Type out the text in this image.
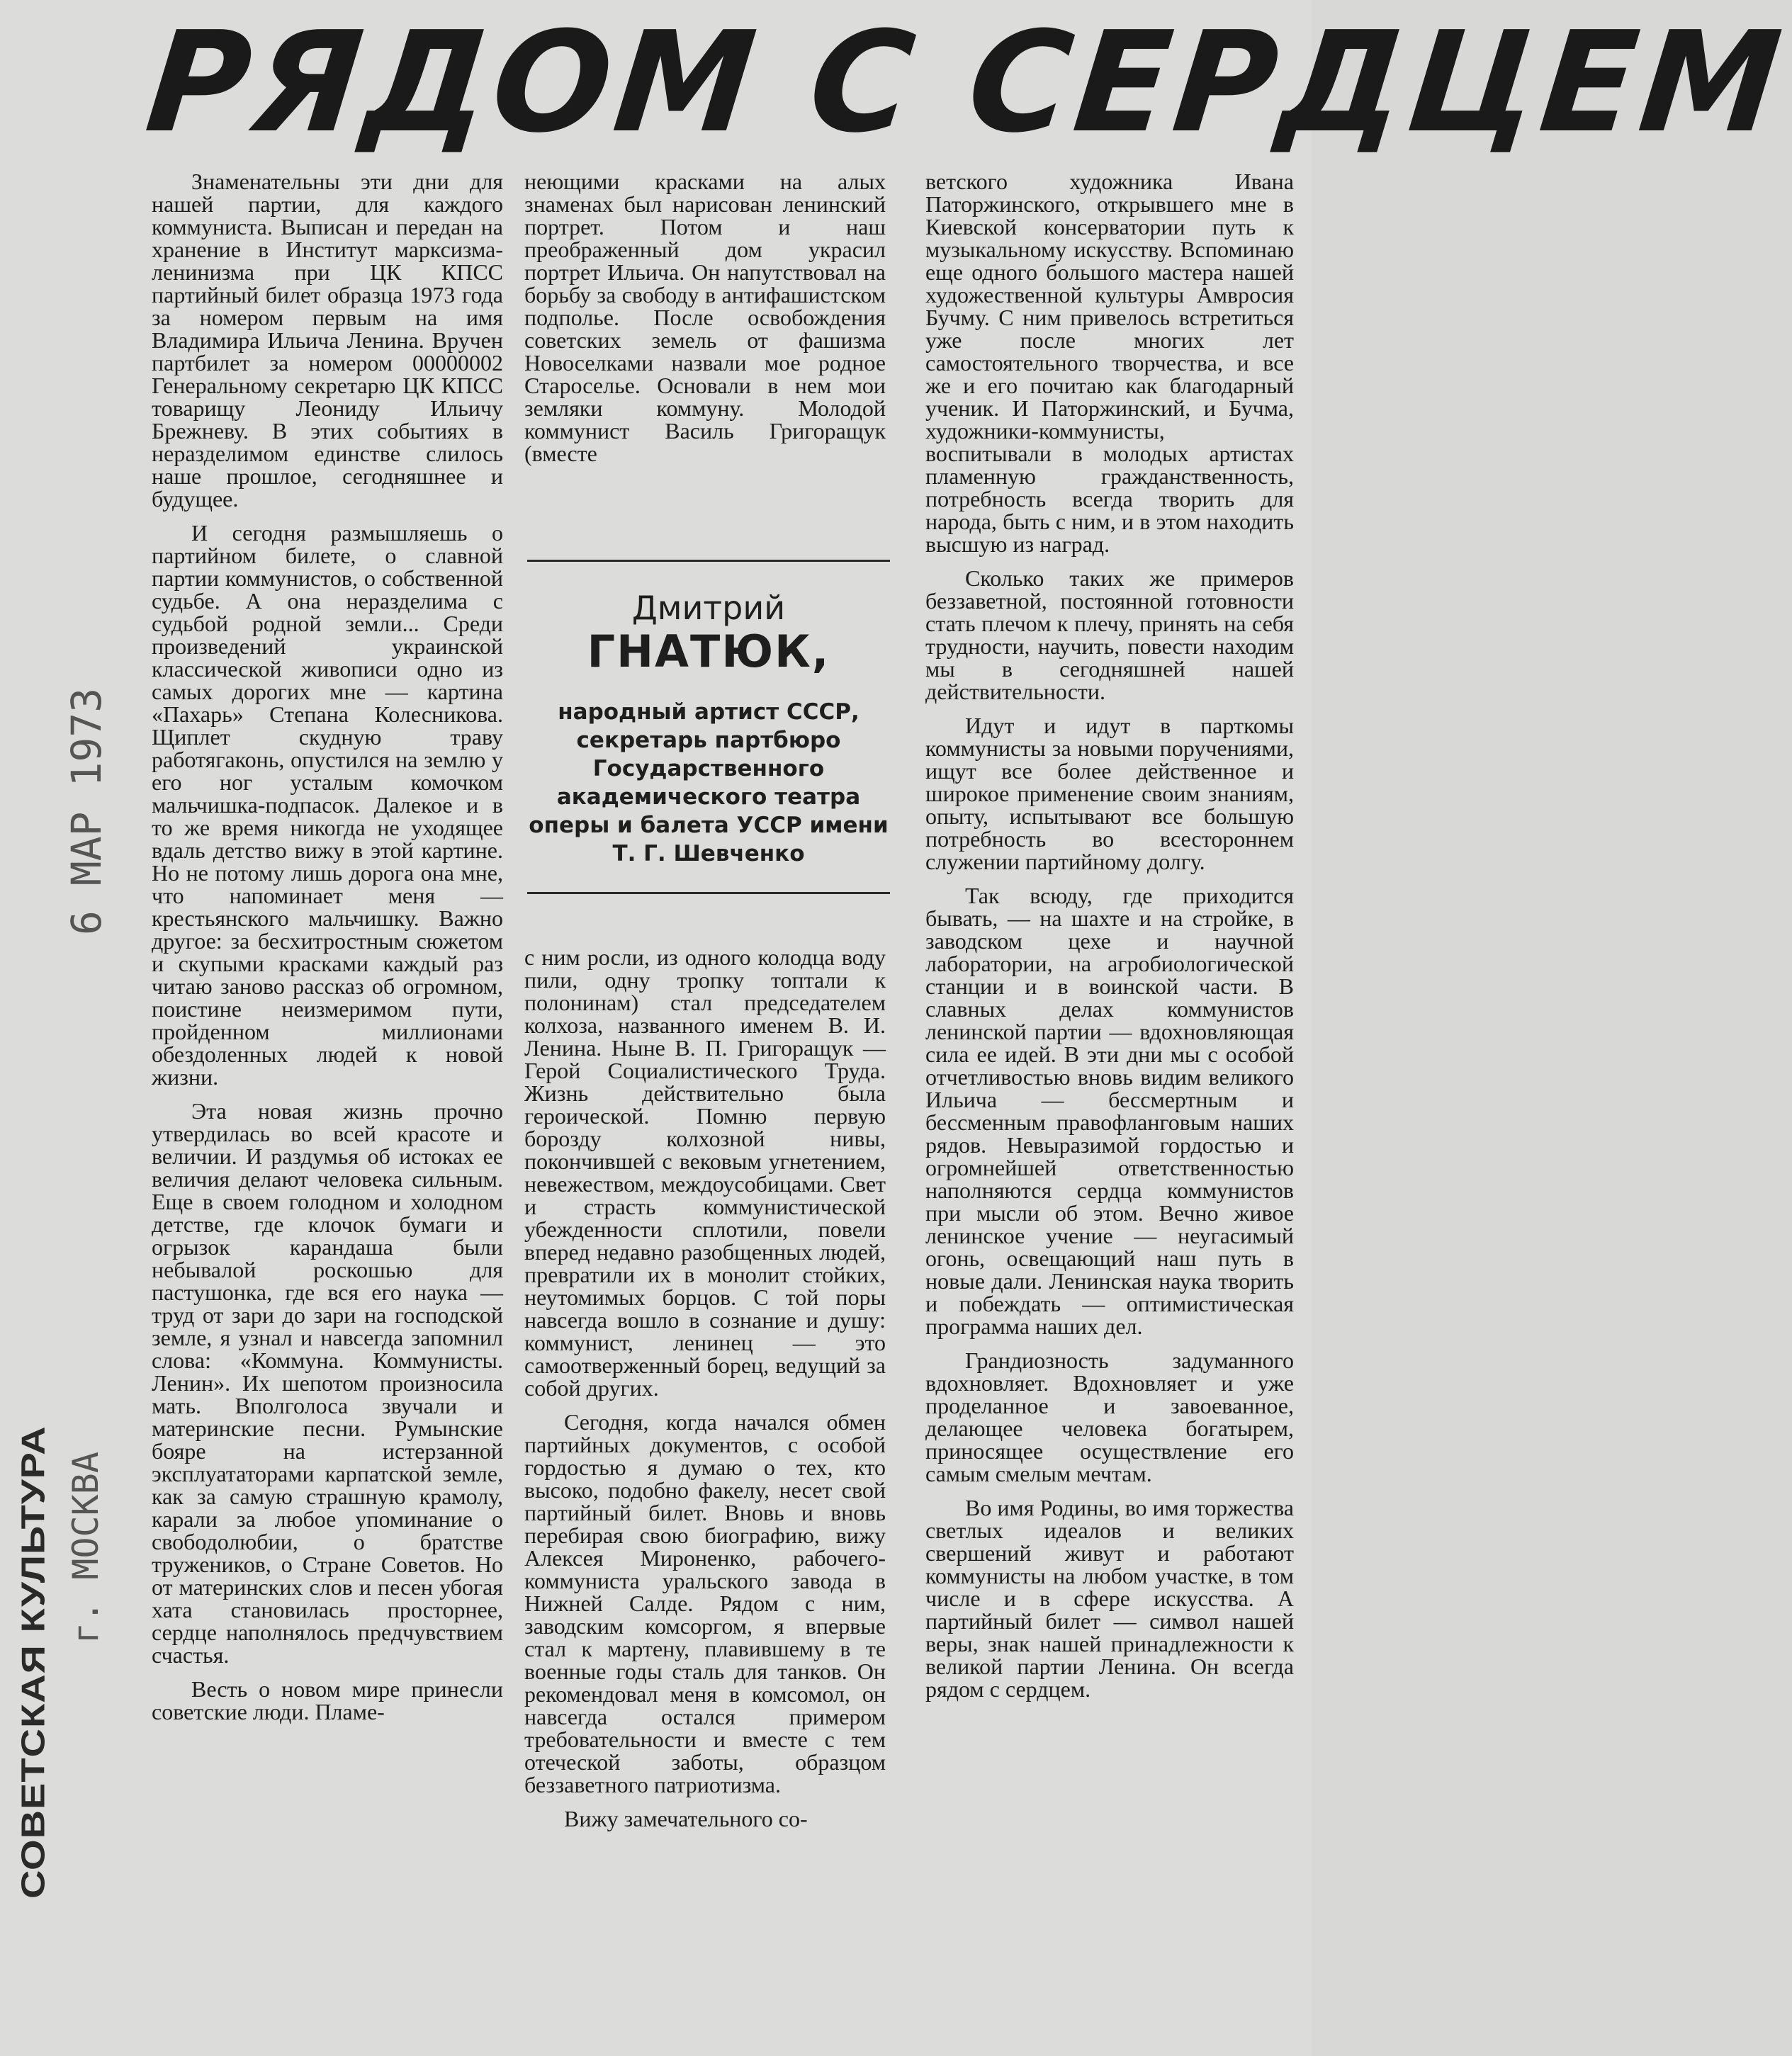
РЯДОМ С СЕРДЦЕМ
СОВЕТСКАЯ КУЛЬТУРА г. МОСКВА
6 МАР 1973

Знаменательны эти дни для нашей партии, для каждого коммуниста. Выписан и передан на хранение в Институт марксизма-ленинизма при ЦК КПСС партийный билет образца 1973 года за номером первым на имя Владимира Ильича Ленина. Вручен партбилет за номером 00000002 Генеральному секретарю ЦК КПСС товарищу Леониду Ильичу Брежневу. В этих событиях в неразделимом единстве слилось наше прошлое, сегодняшнее и будущее.

И сегодня размышляешь о партийном билете, о славной партии коммунистов, о собственной судьбе. А она неразделима с судьбой родной земли... Среди произведений украинской классической живописи одно из самых дорогих мне — картина «Пахарь» Степана Колесникова. Щиплет скудную траву работягаконь, опустился на землю у его ног усталым комочком мальчишка-подпасок. Далекое и в то же время никогда не уходящее вдаль детство вижу в этой картине. Но не потому лишь дорога она мне, что напоминает меня — крестьянского мальчишку. Важно другое: за бесхитростным сюжетом и скупыми красками каждый раз читаю заново рассказ об огромном, поистине неизмеримом пути, пройденном миллионами обездоленных людей к новой жизни.

Эта новая жизнь прочно утвердилась во всей красоте и величии. И раздумья об истоках ее величия делают человека сильным. Еще в своем голодном и холодном детстве, где клочок бумаги и огрызок карандаша были небывалой роскошью для пастушонка, где вся его наука — труд от зари до зари на господской земле, я узнал и навсегда запомнил слова: «Коммуна. Коммунисты. Ленин». Их шепотом произносила мать. Вполголоса звучали и материнские песни. Румынские бояре на истерзанной эксплуататорами карпатской земле, как за самую страшную крамолу, карали за любое упоминание о свободолюбии, о братстве тружеников, о Стране Советов. Но от материнских слов и песен убогая хата становилась просторнее, сердце наполнялось предчувствием счастья.

Весть о новом мире принесли советские люди. Пламе-

неющими красками на алых знаменах был нарисован ленинский портрет. Потом и наш преображенный дом украсил портрет Ильича. Он напутствовал на борьбу за свободу в антифашистском подполье. После освобождения советских земель от фашизма Новоселками назвали мое родное Староселье. Основали в нем мои земляки коммуну. Молодой коммунист Василь Григоращук (вместе

Дмитрий
ГНАТЮК,
народный артист СССР, секретарь партбюро Государственного академического театра оперы и балета УССР имени Т. Г. Шевченко

с ним росли, из одного колодца воду пили, одну тропку топтали к полонинам) стал председателем колхоза, названного именем В. И. Ленина. Ныне В. П. Григоращук — Герой Социалистического Труда. Жизнь действительно была героической. Помню первую борозду колхозной нивы, покончившей с вековым угнетением, невежеством, междоусобицами. Свет и страсть коммунистической убежденности сплотили, повели вперед недавно разобщенных людей, превратили их в монолит стойких, неутомимых борцов. С той поры навсегда вошло в сознание и душу: коммунист, ленинец — это самоотверженный борец, ведущий за собой других.

Сегодня, когда начался обмен партийных документов, с особой гордостью я думаю о тех, кто высоко, подобно факелу, несет свой партийный билет. Вновь и вновь перебирая свою биографию, вижу Алексея Мироненко, рабочего-коммуниста уральского завода в Нижней Салде. Рядом с ним, заводским комсоргом, я впервые стал к мартену, плавившему в те военные годы сталь для танков. Он рекомендовал меня в комсомол, он навсегда остался примером требовательности и вместе с тем отеческой заботы, образцом беззаветного патриотизма.

Вижу замечательного со-

ветского художника Ивана Паторжинского, открывшего мне в Киевской консерватории путь к музыкальному искусству. Вспоминаю еще одного большого мастера нашей художественной культуры Амвросия Бучму. С ним привелось встретиться уже после многих лет самостоятельного творчества, и все же и его почитаю как благодарный ученик. И Паторжинский, и Бучма, художники-коммунисты, воспитывали в молодых артистах пламенную гражданственность, потребность всегда творить для народа, быть с ним, и в этом находить высшую из наград.

Сколько таких же примеров беззаветной, постоянной готовности стать плечом к плечу, принять на себя трудности, научить, повести находим мы в сегодняшней нашей действительности.

Идут и идут в парткомы коммунисты за новыми поручениями, ищут все более действенное и широкое применение своим знаниям, опыту, испытывают все большую потребность во всестороннем служении партийному долгу.

Так всюду, где приходится бывать, — на шахте и на стройке, в заводском цехе и научной лаборатории, на агробиологической станции и в воинской части. В славных делах коммунистов ленинской партии — вдохновляющая сила ее идей. В эти дни мы с особой отчетливостью вновь видим великого Ильича — бессмертным и бессменным правофланговым наших рядов. Невыразимой гордостью и огромнейшей ответственностью наполняются сердца коммунистов при мысли об этом. Вечно живое ленинское учение — неугасимый огонь, освещающий наш путь в новые дали. Ленинская наука творить и побеждать — оптимистическая программа наших дел.

Грандиозность задуманного вдохновляет. Вдохновляет и уже проделанное и завоеванное, делающее человека богатырем, приносящее осуществление его самым смелым мечтам.

Во имя Родины, во имя торжества светлых идеалов и великих свершений живут и работают коммунисты на любом участке, в том числе и в сфере искусства. А партийный билет — символ нашей веры, знак нашей принадлежности к великой партии Ленина. Он всегда рядом с сердцем.
